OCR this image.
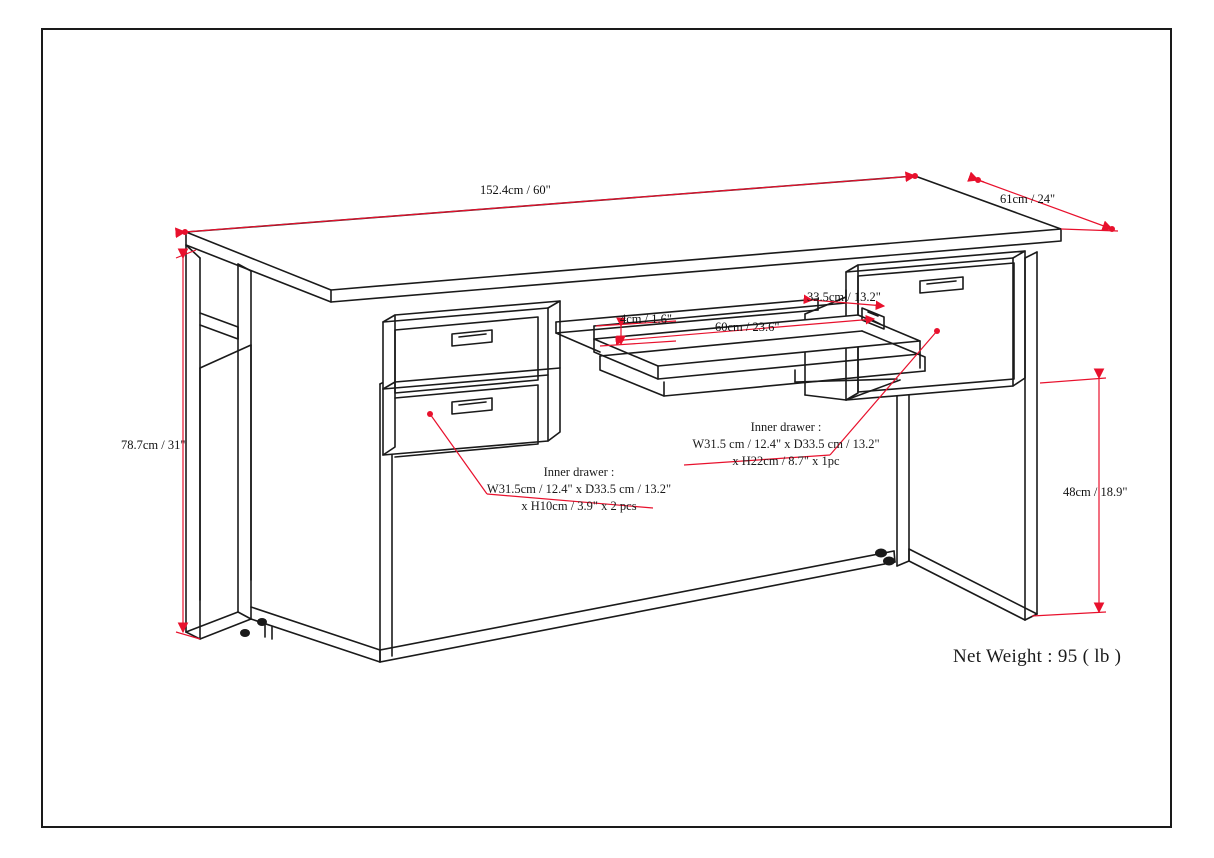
152.4cm / 60"
61cm / 24"
78.7cm / 31"
48cm / 18.9"
33.5cm / 13.2"
4cm / 1.6"
60cm / 23.6"
Inner drawer :
W31.5cm / 12.4" x D33.5 cm / 13.2"
x H10cm / 3.9" x 2 pcs
Inner drawer :
W31.5 cm / 12.4" x D33.5 cm / 13.2"
x H22cm / 8.7" x 1pc
Net Weight : 95 ( lb )
